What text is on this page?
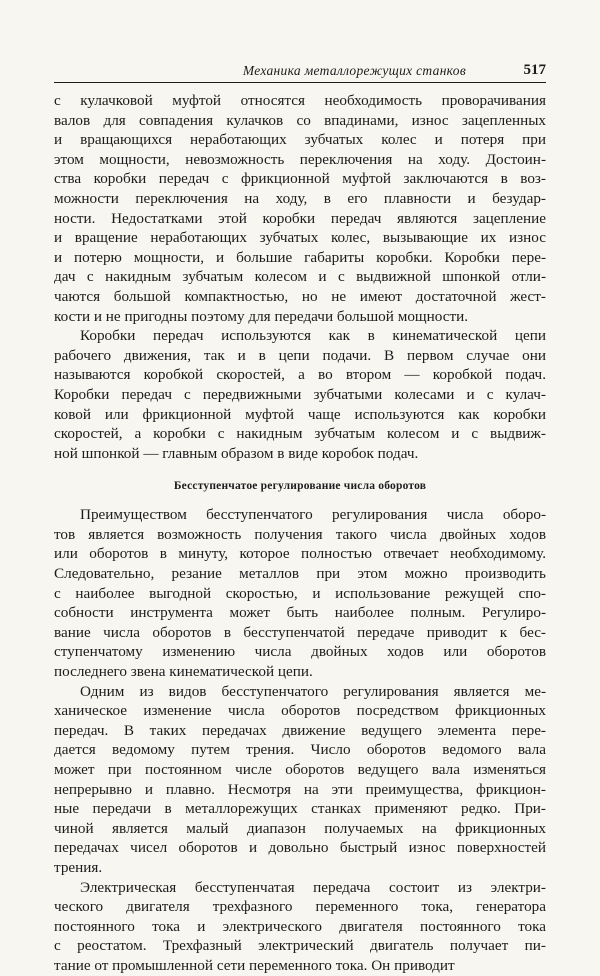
Механика металлорежущих станков	517
с кулачковой муфтой относятся необходимость проворачивания
валов для совпадения кулачков со впадинами, износ зацепленных
и вращающихся неработающих зубчатых колес и потеря при
этом мощности, невозможность переключения на ходу. Достоин-
ства коробки передач с фрикционной муфтой заключаются в воз-
можности переключения на ходу, в его плавности и безудар-
ности. Недостатками этой коробки передач являются зацепление
и вращение неработающих зубчатых колес, вызывающие их износ
и потерю мощности, и большие габариты коробки. Коробки пере-
дач с накидным зубчатым колесом и с выдвижной шпонкой отли-
чаются большой компактностью, но не имеют достаточной жест-
кости и не пригодны поэтому для передачи большой мощности.
Коробки передач используются как в кинематической цепи
рабочего движения, так и в цепи подачи. В первом случае они
называются коробкой скоростей, а во втором — коробкой подач.
Коробки передач с передвижными зубчатыми колесами и с кулач-
ковой или фрикционной муфтой чаще используются как коробки
скоростей, а коробки с накидным зубчатым колесом и с выдвиж-
ной шпонкой — главным образом в виде коробок подач.
Бесступенчатое регулирование числа оборотов
Преимуществом бесступенчатого регулирования числа оборо-
тов является возможность получения такого числа двойных ходов
или оборотов в минуту, которое полностью отвечает необходимому.
Следовательно, резание металлов при этом можно производить
с наиболее выгодной скоростью, и использование режущей спо-
собности инструмента может быть наиболее полным. Регулиро-
вание числа оборотов в бесступенчатой передаче приводит к бес-
ступенчатому изменению числа двойных ходов или оборотов
последнего звена кинематической цепи.
Одним из видов бесступенчатого регулирования является ме-
ханическое изменение числа оборотов посредством фрикционных
передач. В таких передачах движение ведущего элемента пере-
дается ведомому путем трения. Число оборотов ведомого вала
может при постоянном числе оборотов ведущего вала изменяться
непрерывно и плавно. Несмотря на эти преимущества, фрикцион-
ные передачи в металлорежущих станках применяют редко. При-
чиной является малый диапазон получаемых на фрикционных
передачах чисел оборотов и довольно быстрый износ поверхностей
трения.
Электрическая бесступенчатая передача состоит из электри-
ческого двигателя трехфазного переменного тока, генератора
постоянного тока и электрического двигателя постоянного тока
с реостатом. Трехфазный электрический двигатель получает пи-
тание от промышленной сети переменного тока. Он приводит
